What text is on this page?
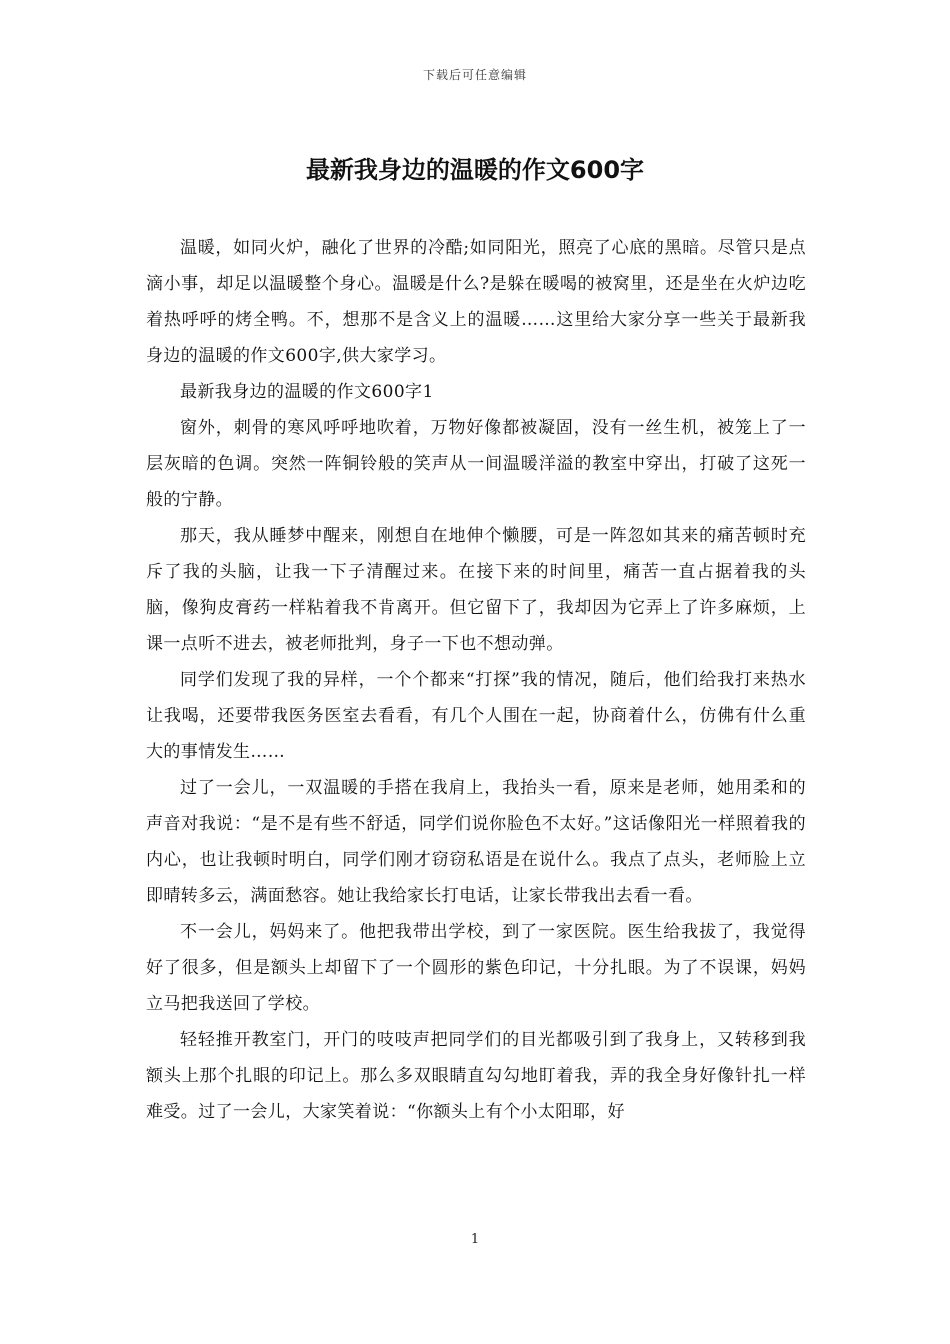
下载后可任意编辑
最新我身边的温暖的作文600字

温暖，如同火炉，融化了世界的冷酷;如同阳光，照亮了心底的黑暗。尽管只是点滴小事，却足以温暖整个身心。温暖是什么?是躲在暖喝的被窝里，还是坐在火炉边吃着热呼呼的烤全鸭。不，想那不是含义上的温暖……这里给大家分享一些关于最新我身边的温暖的作文600字,供大家学习。

最新我身边的温暖的作文600字1

窗外，刺骨的寒风呼呼地吹着，万物好像都被凝固，没有一丝生机，被笼上了一层灰暗的色调。突然一阵铜铃般的笑声从一间温暖洋溢的教室中穿出，打破了这死一般的宁静。

那天，我从睡梦中醒来，刚想自在地伸个懒腰，可是一阵忽如其来的痛苦顿时充斥了我的头脑，让我一下子清醒过来。在接下来的时间里，痛苦一直占据着我的头脑，像狗皮膏药一样粘着我不肯离开。但它留下了，我却因为它弄上了许多麻烦，上课一点听不进去，被老师批判，身子一下也不想动弹。

同学们发现了我的异样，一个个都来“打探”我的情况，随后，他们给我打来热水让我喝，还要带我医务医室去看看，有几个人围在一起，协商着什么，仿佛有什么重大的事情发生……

过了一会儿，一双温暖的手搭在我肩上，我抬头一看，原来是老师，她用柔和的声音对我说：“是不是有些不舒适，同学们说你脸色不太好。”这话像阳光一样照着我的内心，也让我顿时明白，同学们刚才窃窃私语是在说什么。我点了点头，老师脸上立即晴转多云，满面愁容。她让我给家长打电话，让家长带我出去看一看。

不一会儿，妈妈来了。他把我带出学校，到了一家医院。医生给我拔了，我觉得好了很多，但是额头上却留下了一个圆形的紫色印记，十分扎眼。为了不误课，妈妈立马把我送回了学校。

轻轻推开教室门，开门的吱吱声把同学们的目光都吸引到了我身上，又转移到我额头上那个扎眼的印记上。那么多双眼睛直勾勾地盯着我，弄的我全身好像针扎一样难受。过了一会儿，大家笑着说：“你额头上有个小太阳耶，好

1
